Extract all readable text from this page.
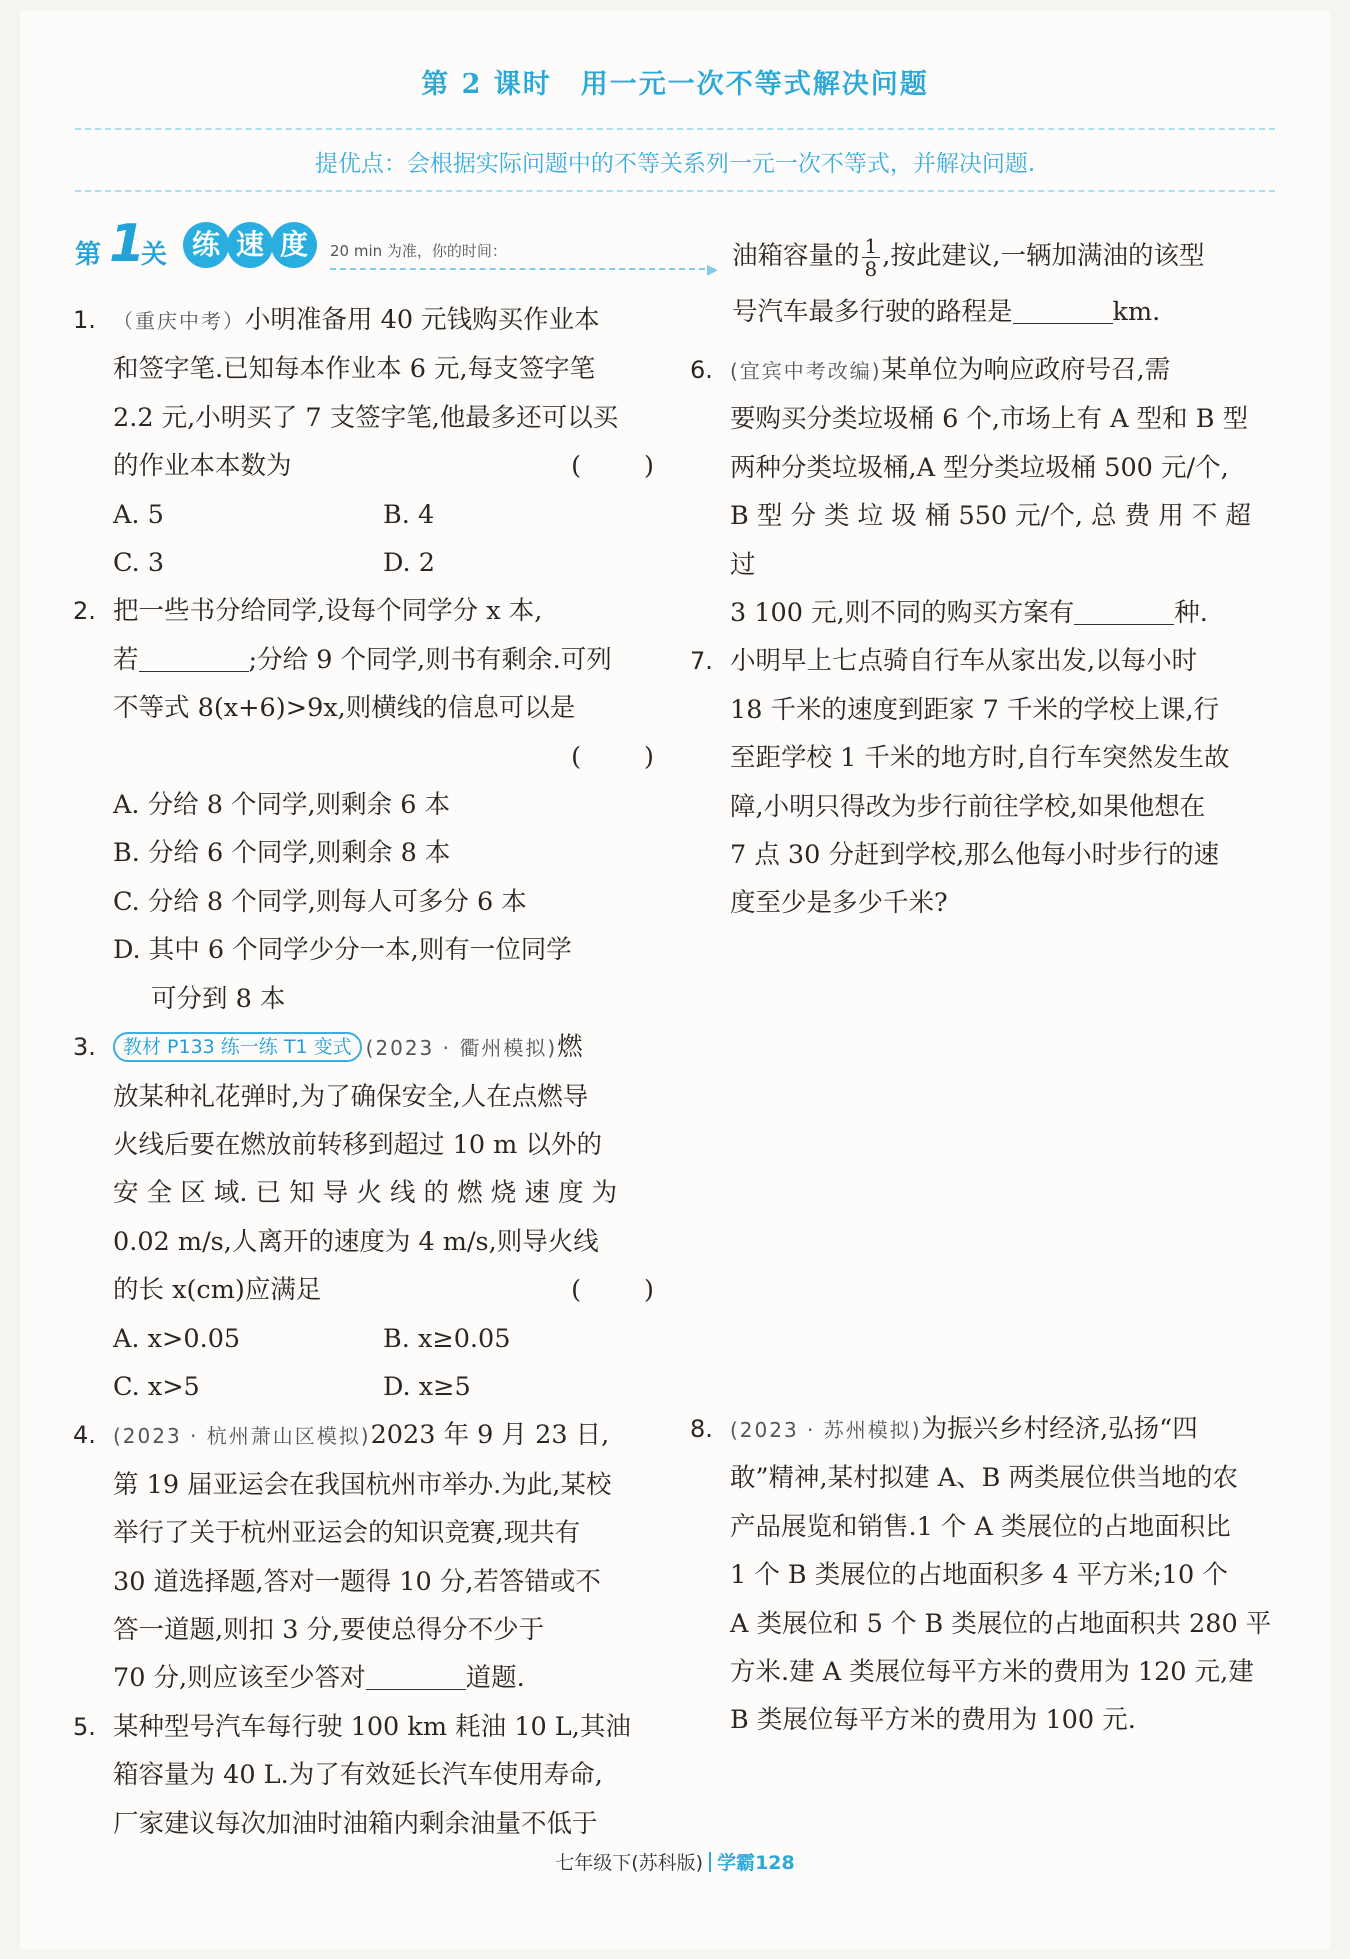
第 2 课时　用一元一次不等式解决问题
提优点：会根据实际问题中的不等关系列一元一次不等式，并解决问题.
第 1
关 练 速 度	20 min 为准，你的时间：
▶
1. （重庆中考）小明准备用 40 元钱购买作业本
和签字笔.已知每本作业本 6 元,每支签字笔
2.2 元,小明买了 7 支签字笔,他最多还可以买
的作业本本数为	(　　)
A. 5	B. 4
C. 3	D. 2
2. 把一些书分给同学,设每个同学分 x 本,
若	;分给 9 个同学,则书有剩余.可列
不等式 8(x+6)>9x,则横线的信息可以是
(　　)
A. 分给 8 个同学,则剩余 6 本
B. 分给 6 个同学,则剩余 8 本
C. 分给 8 个同学,则每人可多分 6 本
D. 其中 6 个同学少分一本,则有一位同学
可分到 8 本
3.	教材 P133 练一练 T1 变式 (2023 · 衢州模拟)燃
放某种礼花弹时,为了确保安全,人在点燃导
火线后要在燃放前转移到超过 10 m 以外的
安 全 区 域. 已 知 导 火 线 的 燃 烧 速 度 为
0.02 m/s,人离开的速度为 4 m/s,则导火线
的长 x(cm)应满足	(　　)
A. x>0.05	B. x≥0.05
C. x>5	D. x≥5
4. (2023 · 杭州萧山区模拟)2023 年 9 月 23 日,
第 19 届亚运会在我国杭州市举办.为此,某校
举行了关于杭州亚运会的知识竞赛,现共有
30 道选择题,答对一题得 10 分,若答错或不
答一道题,则扣 3 分,要使总得分不少于
70 分,则应该至少答对	道题.
5. 某种型号汽车每行驶 100 km 耗油 10 L,其油
箱容量为 40 L.为了有效延长汽车使用寿命,
厂家建议每次加油时油箱内剩余油量不低于
油箱容量的 $\frac{1}{8}$ ,按此建议,一辆加满油的该型
号汽车最多行驶的路程是	km.
6. (宜宾中考改编)某单位为响应政府号召,需
要购买分类垃圾桶 6 个,市场上有 A 型和 B 型
两种分类垃圾桶,A 型分类垃圾桶 500 元/个,
B 型 分 类 垃 圾 桶 550 元/个, 总 费 用 不 超 过
3 100 元,则不同的购买方案有	种.
7. 小明早上七点骑自行车从家出发,以每小时
18 千米的速度到距家 7 千米的学校上课,行
至距学校 1 千米的地方时,自行车突然发生故
障,小明只得改为步行前往学校,如果他想在
7 点 30 分赶到学校,那么他每小时步行的速
度至少是多少千米?
8. (2023 · 苏州模拟)为振兴乡村经济,弘扬“四
敢”精神,某村拟建 A、B 两类展位供当地的农
产品展览和销售.1 个 A 类展位的占地面积比
1 个 B 类展位的占地面积多 4 平方米;10 个
A 类展位和 5 个 B 类展位的占地面积共 280 平
方米.建 A 类展位每平方米的费用为 120 元,建
B 类展位每平方米的费用为 100 元.
七年级下(苏科版) 学霸128
